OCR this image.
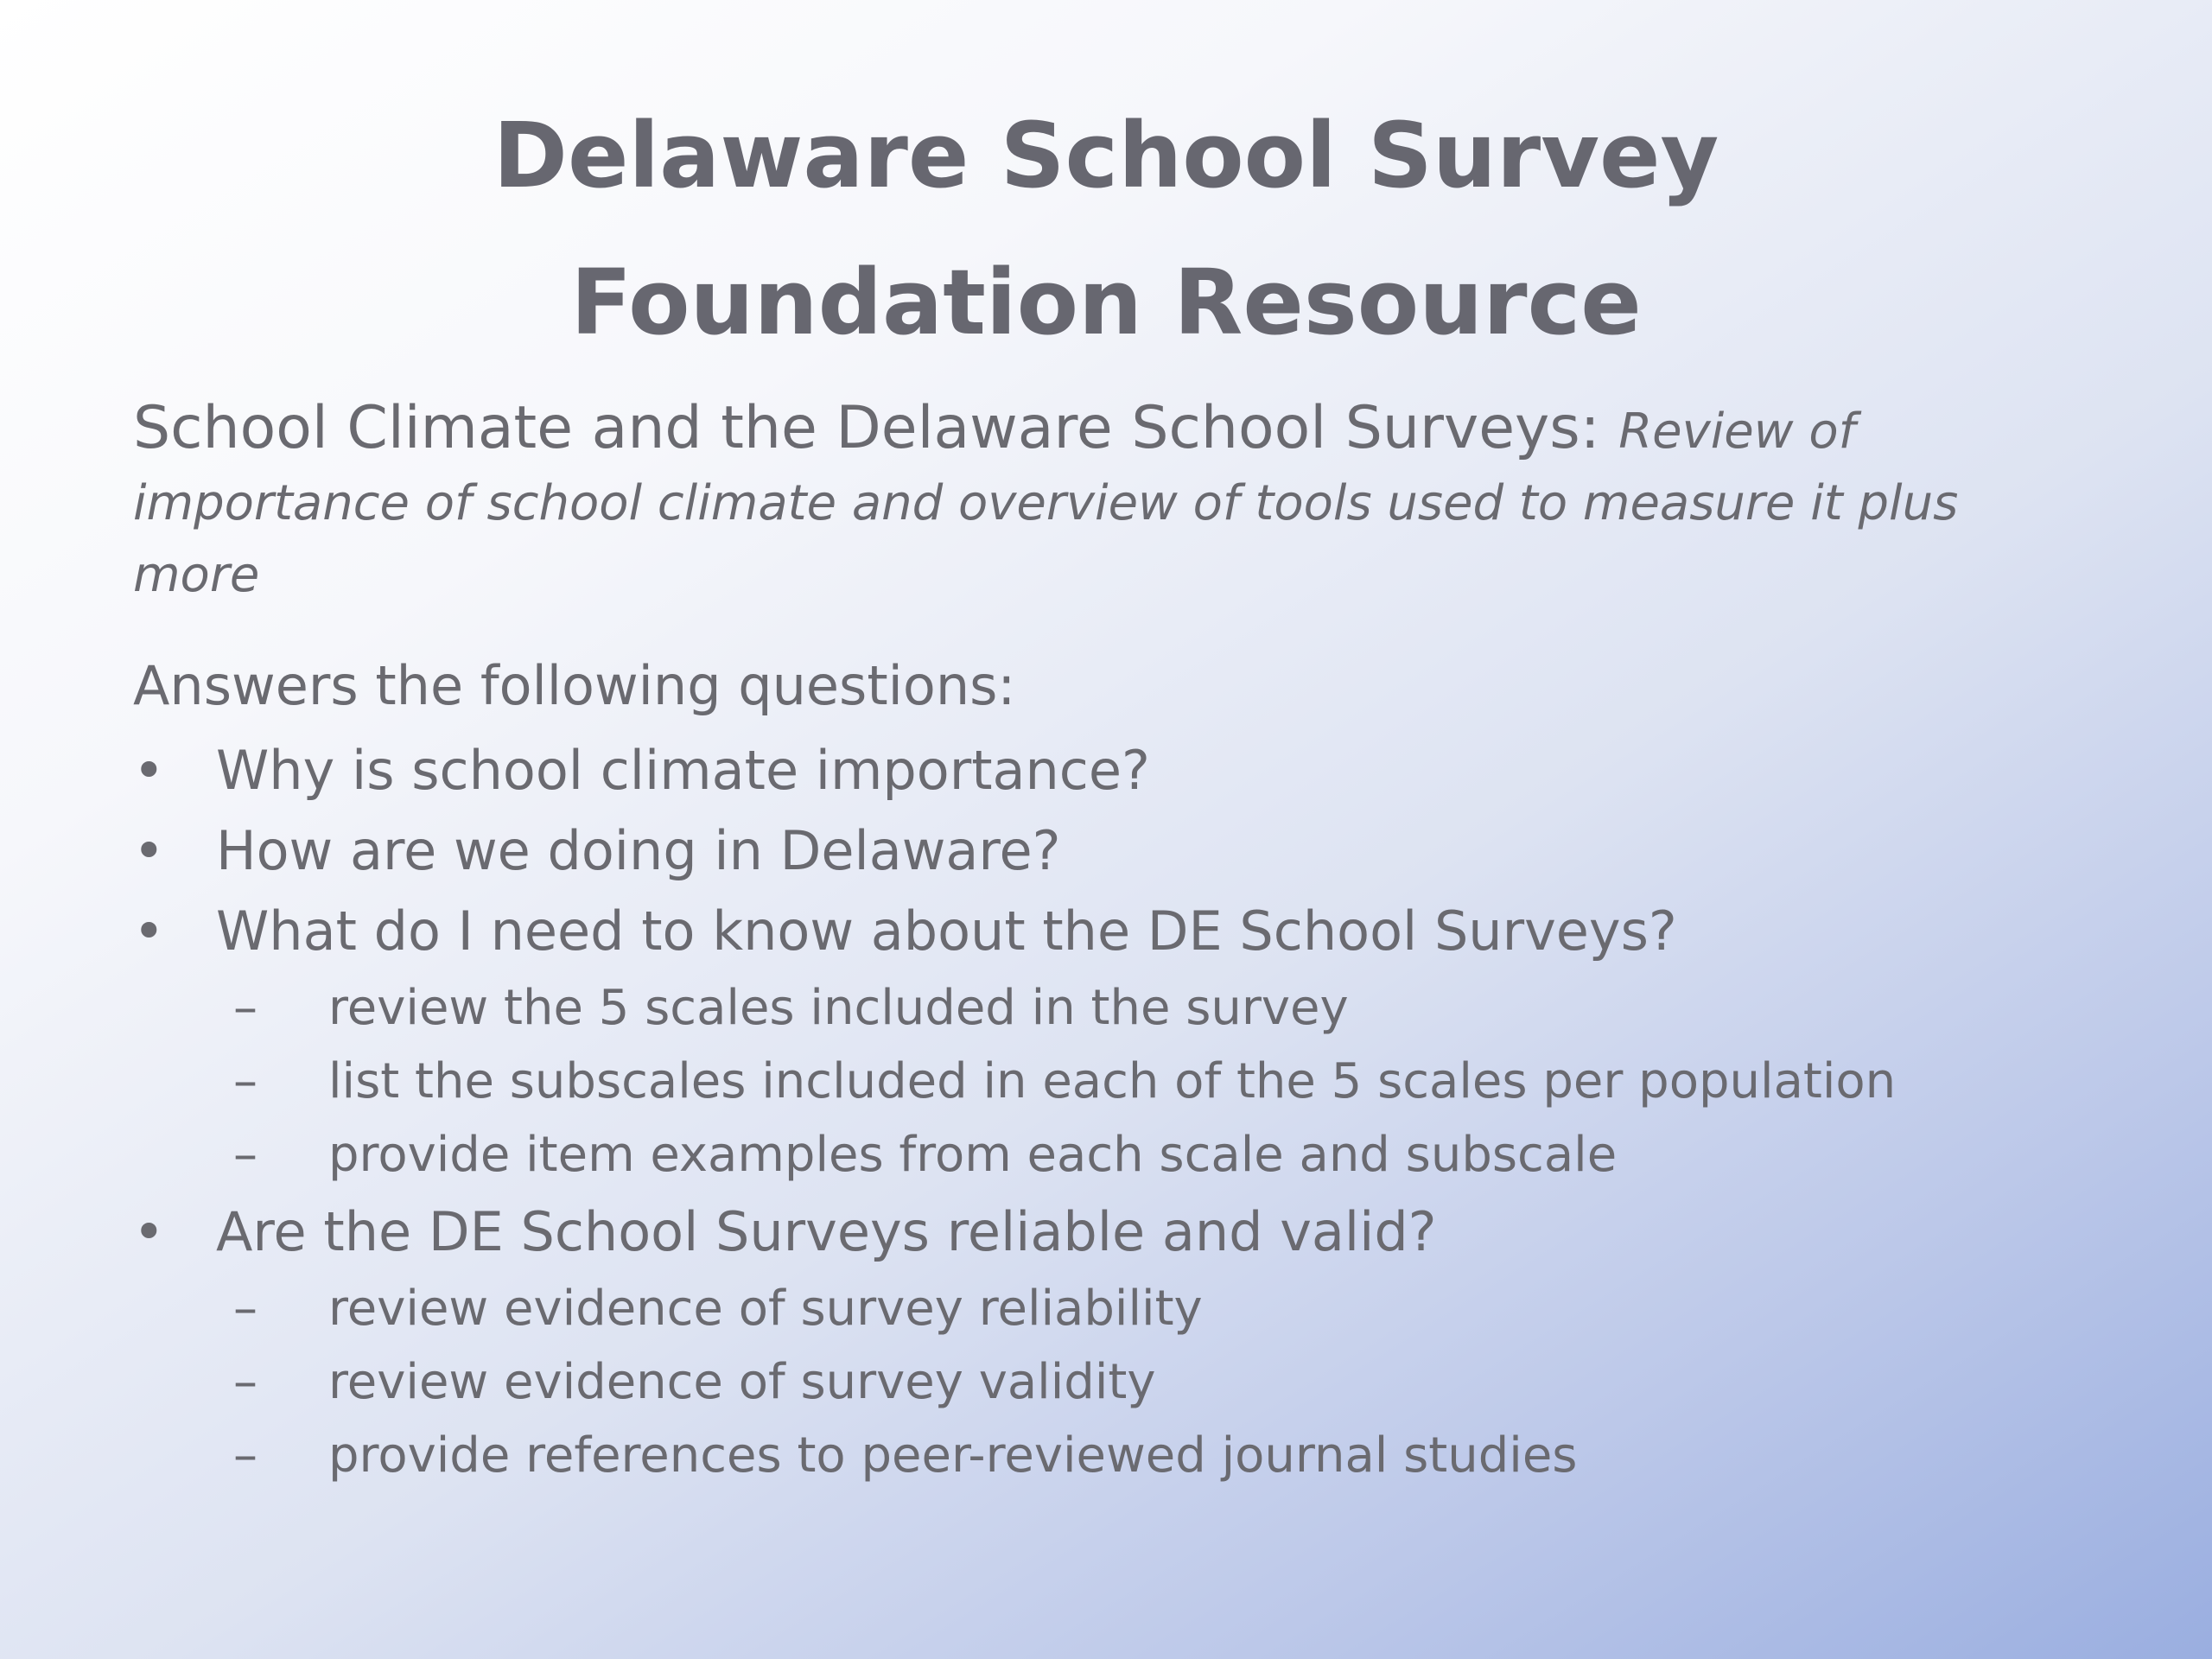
Delaware School Survey
Foundation Resource
School Climate and the Delaware School Surveys: Review of importance of school climate and overview of tools used to measure it plus more
Answers the following questions:
• Why is school climate importance?
• How are we doing in Delaware?
• What do I need to know about the DE School Surveys?
– review the 5 scales included in the survey
– list the subscales included in each of the 5 scales per population
– provide item examples from each scale and subscale
• Are the DE School Surveys reliable and valid?
– review evidence of survey reliability
– review evidence of survey validity
– provide references to peer-reviewed journal studies
